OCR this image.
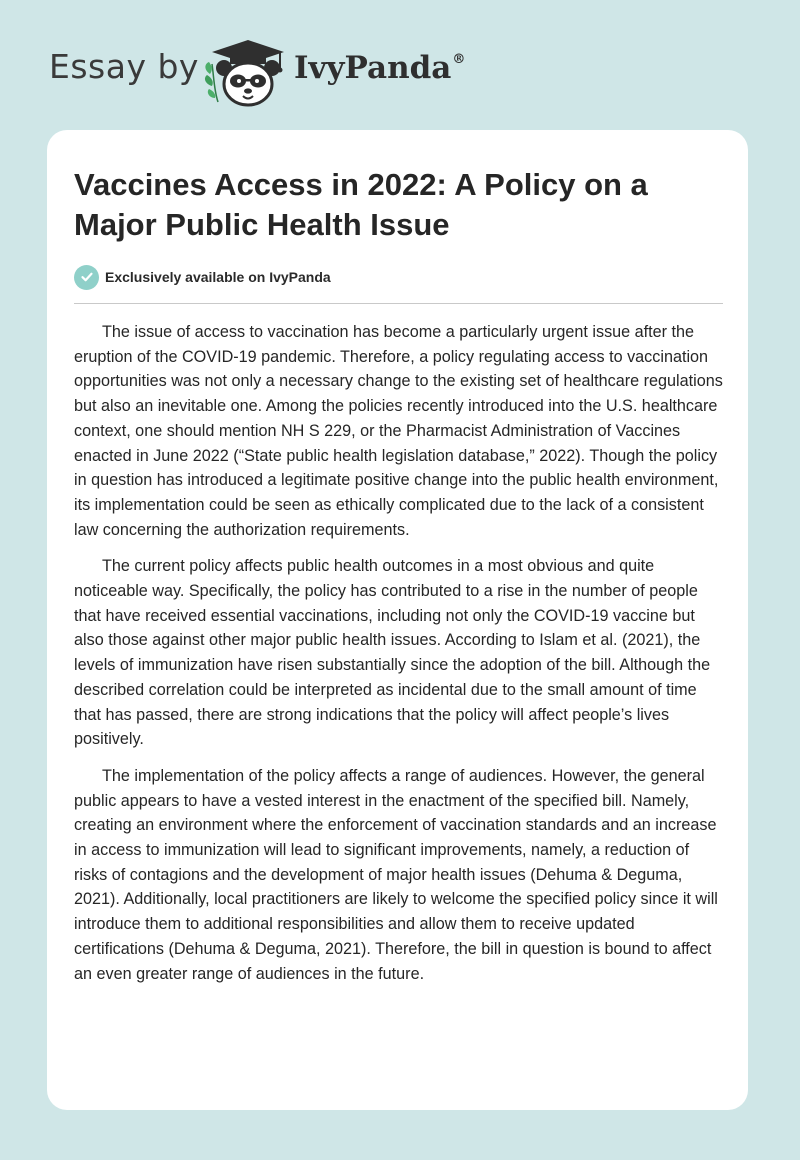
Essay by	IvyPanda®
Vaccines Access in 2022: A Policy on a Major Public Health Issue
Exclusively available on IvyPanda

The issue of access to vaccination has become a particularly urgent issue after the eruption of the COVID-19 pandemic. Therefore, a policy regulating access to vaccination opportunities was not only a necessary change to the existing set of healthcare regulations but also an inevitable one. Among the policies recently introduced into the U.S. healthcare context, one should mention NH S 229, or the Pharmacist Administration of Vaccines enacted in June 2022 (“State public health legislation database,” 2022). Though the policy in question has introduced a legitimate positive change into the public health environment, its implementation could be seen as ethically complicated due to the lack of a consistent law concerning the authorization requirements.

The current policy affects public health outcomes in a most obvious and quite noticeable way. Specifically, the policy has contributed to a rise in the number of people that have received essential vaccinations, including not only the COVID-19 vaccine but also those against other major public health issues. According to Islam et al. (2021), the levels of immunization have risen substantially since the adoption of the bill. Although the described correlation could be interpreted as incidental due to the small amount of time that has passed, there are strong indications that the policy will affect people’s lives positively.

The implementation of the policy affects a range of audiences. However, the general public appears to have a vested interest in the enactment of the specified bill. Namely, creating an environment where the enforcement of vaccination standards and an increase in access to immunization will lead to significant improvements, namely, a reduction of risks of contagions and the development of major health issues (Dehuma & Deguma, 2021). Additionally, local practitioners are likely to welcome the specified policy since it will introduce them to additional responsibilities and allow them to receive updated certifications (Dehuma & Deguma, 2021). Therefore, the bill in question is bound to affect an even greater range of audiences in the future.
